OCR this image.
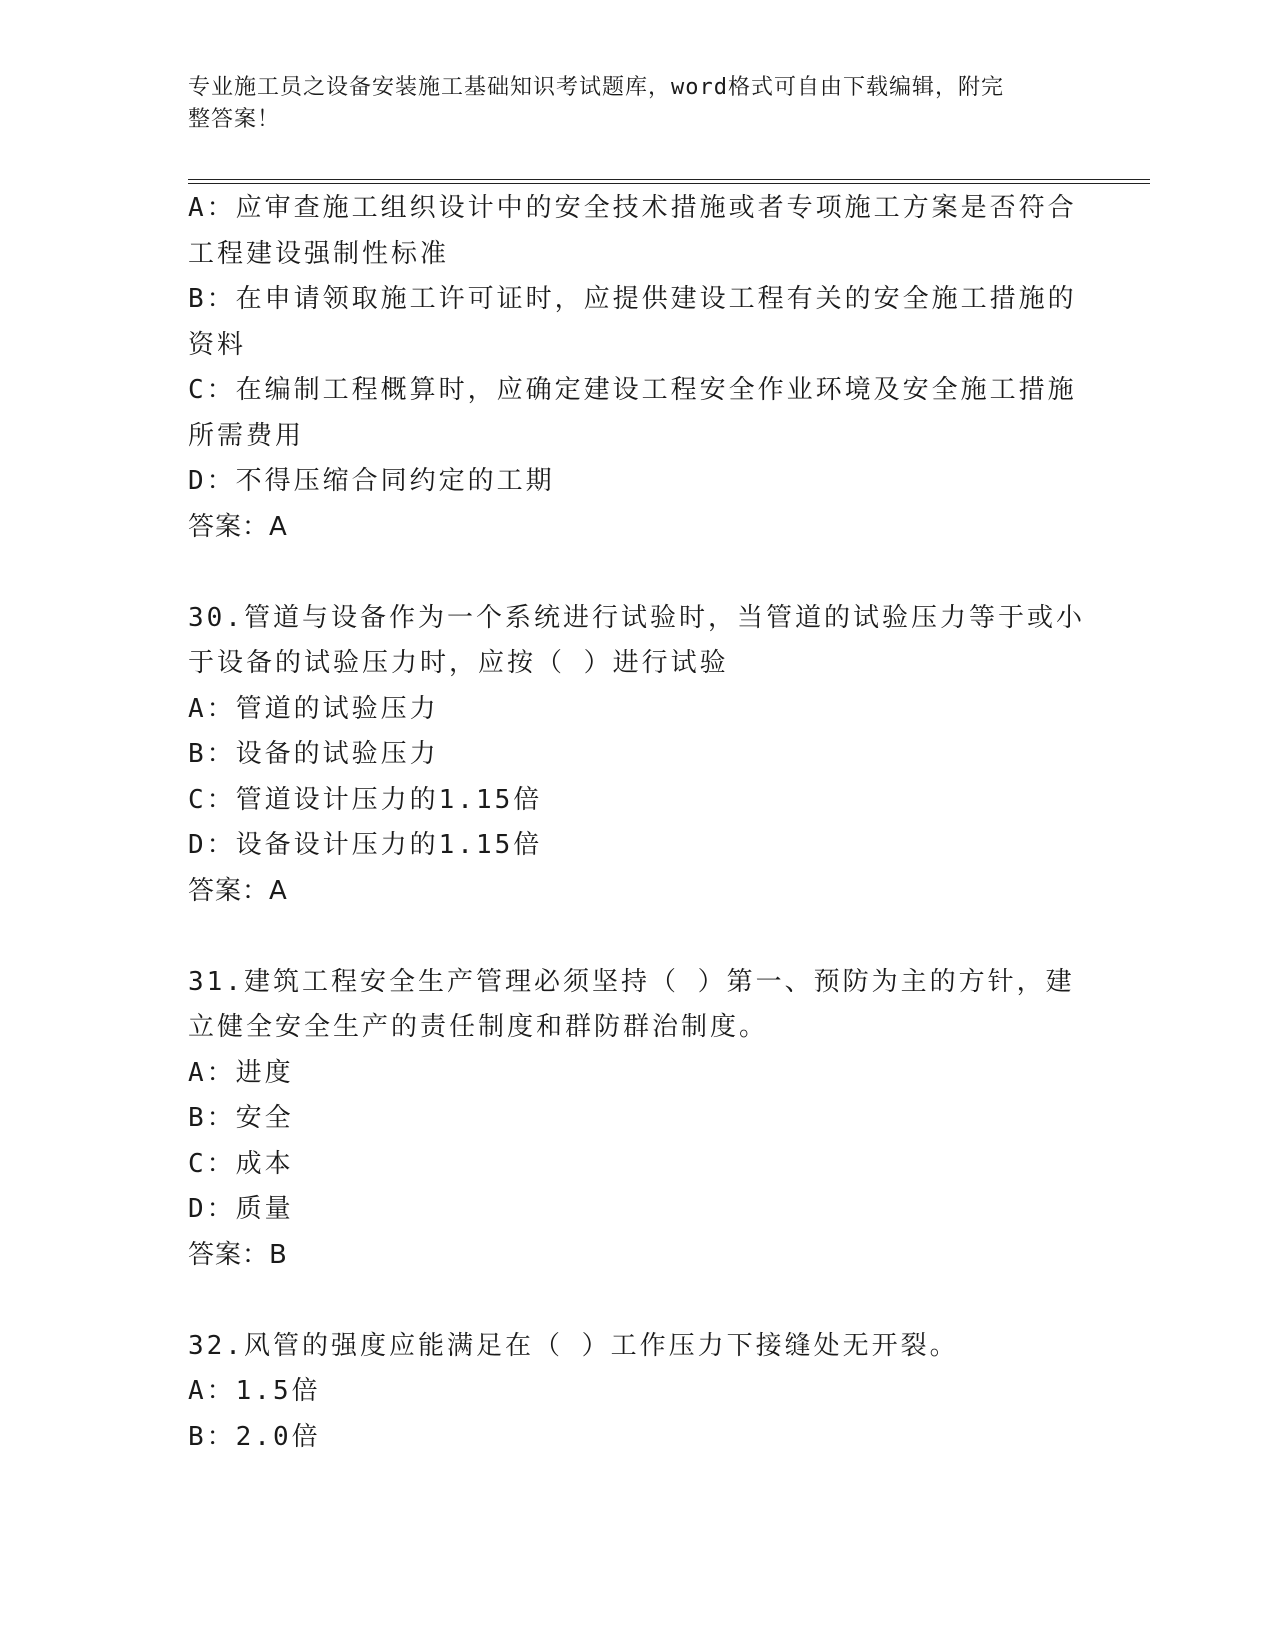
专业施工员之设备安装施工基础知识考试题库，word格式可自由下载编辑，附完
整答案！
A：应审查施工组织设计中的安全技术措施或者专项施工方案是否符合
工程建设强制性标准
B：在申请领取施工许可证时，应提供建设工程有关的安全施工措施的
资料
C：在编制工程概算时，应确定建设工程安全作业环境及安全施工措施
所需费用
D：不得压缩合同约定的工期
答案：A
30.管道与设备作为一个系统进行试验时，当管道的试验压力等于或小
于设备的试验压力时，应按（ ）进行试验
A：管道的试验压力
B：设备的试验压力
C：管道设计压力的1.15倍
D：设备设计压力的1.15倍
答案：A
31.建筑工程安全生产管理必须坚持（ ）第一、预防为主的方针，建
立健全安全生产的责任制度和群防群治制度。
A：进度
B：安全
C：成本
D：质量
答案：B
32.风管的强度应能满足在（ ）工作压力下接缝处无开裂。
A：1.5倍
B：2.0倍
